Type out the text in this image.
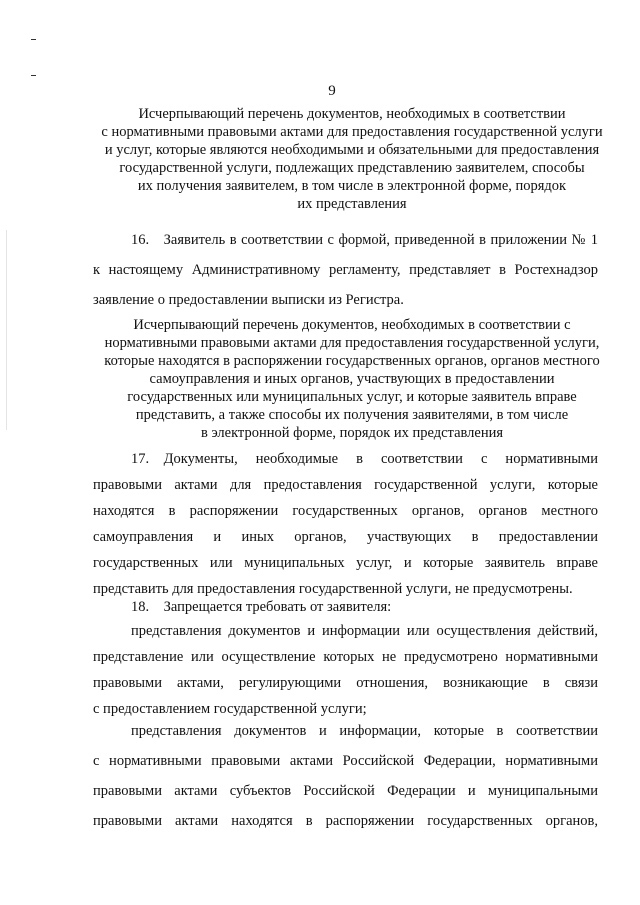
9
Исчерпывающий перечень документов, необходимых в соответствии
с нормативными правовыми актами для предоставления государственной услуги
и услуг, которые являются необходимыми и обязательными для предоставления
государственной услуги, подлежащих представлению заявителем, способы
их получения заявителем, в том числе в электронной форме, порядок
их представления
16. Заявитель в соответствии с формой, приведенной в приложении № 1
к настоящему Административному регламенту, представляет в Ростехнадзор
заявление о предоставлении выписки из Регистра.
Исчерпывающий перечень документов, необходимых в соответствии с
нормативными правовыми актами для предоставления государственной услуги,
которые находятся в распоряжении государственных органов, органов местного
самоуправления и иных органов, участвующих в предоставлении
государственных или муниципальных услуг, и которые заявитель вправе
представить, а также способы их получения заявителями, в том числе
в электронной форме, порядок их представления
17. Документы, необходимые в соответствии с нормативными
правовыми актами для предоставления государственной услуги, которые
находятся в распоряжении государственных органов, органов местного
самоуправления и иных органов, участвующих в предоставлении
государственных или муниципальных услуг, и которые заявитель вправе
представить для предоставления государственной услуги, не предусмотрены.
18. Запрещается требовать от заявителя:
представления документов и информации или осуществления действий,
представление или осуществление которых не предусмотрено нормативными
правовыми актами, регулирующими отношения, возникающие в связи
с предоставлением государственной услуги;
представления документов и информации, которые в соответствии
с нормативными правовыми актами Российской Федерации, нормативными
правовыми актами субъектов Российской Федерации и муниципальными
правовыми актами находятся в распоряжении государственных органов,
